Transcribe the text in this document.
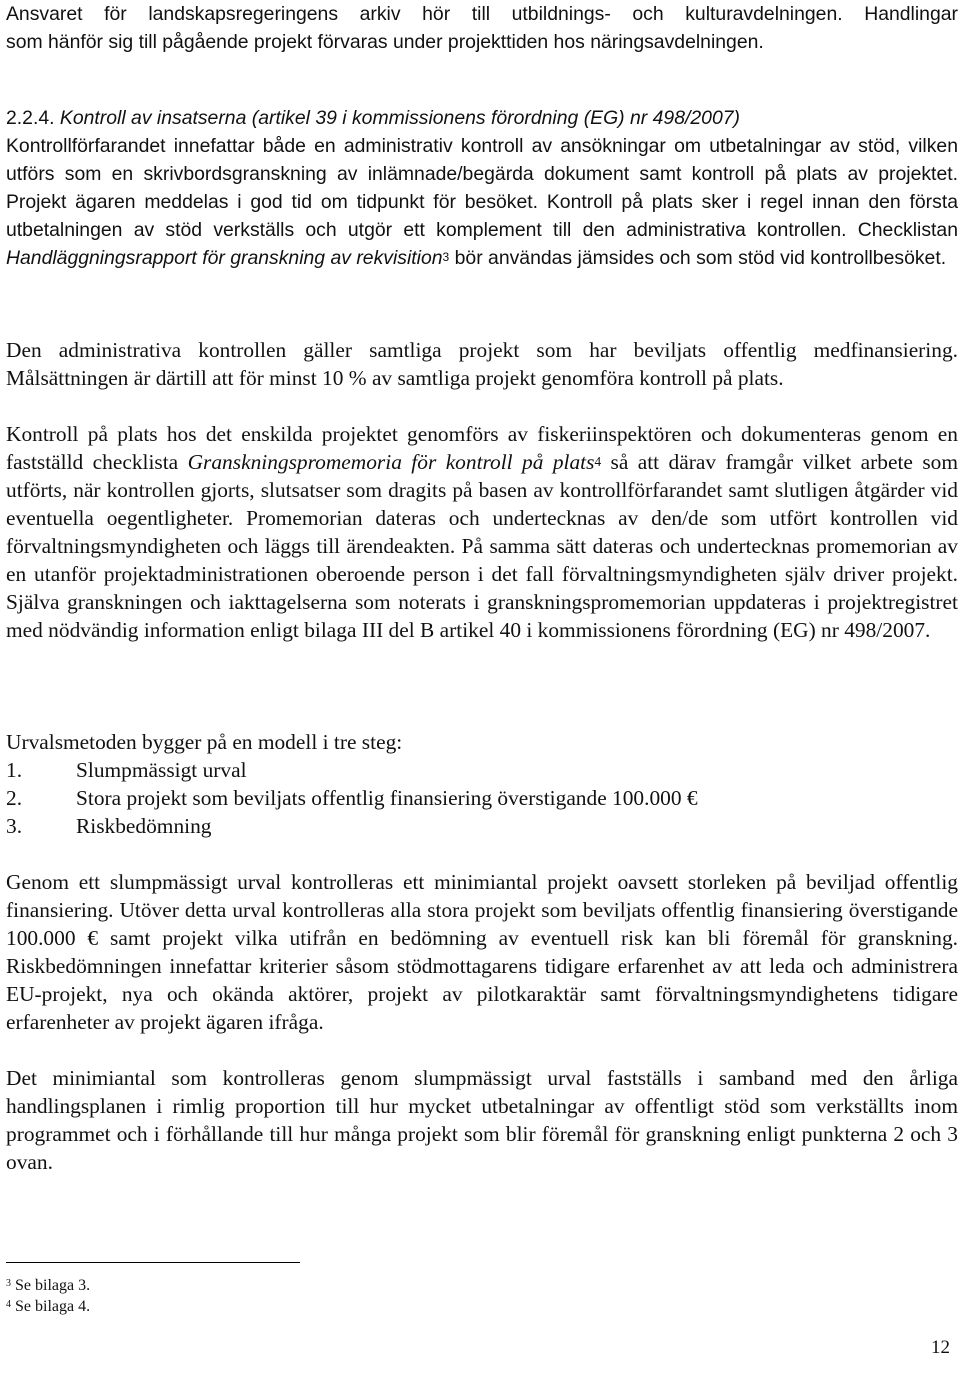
Ansvaret för landskapsregeringens arkiv hör till utbildnings- och kulturavdelningen. Handlingar

som hänför sig till pågående projekt förvaras under projekttiden hos näringsavdelningen.

2.2.4. Kontroll av insatserna (artikel 39 i kommissionens förordning (EG) nr 498/2007)

Kontrollförfarandet innefattar både en administrativ kontroll av ansökningar om utbetalningar av stöd, vilken utförs som en skrivbordsgranskning av inlämnade/begärda dokument samt kontroll på plats av projektet. Projekt ägaren meddelas i god tid om tidpunkt för besöket. Kontroll på plats sker i regel innan den första utbetalningen av stöd verkställs och utgör ett komplement till den administrativa kontrollen. Checklistan Handläggningsrapport för granskning av rekvisition$^3$ bör användas jämsides och som stöd vid kontrollbesöket.

Den administrativa kontrollen gäller samtliga projekt som har beviljats offentlig medfinansiering.

Målsättningen är därtill att för minst 10 % av samtliga projekt genomföra kontroll på plats.

Kontroll på plats hos det enskilda projektet genomförs av fiskeriinspektören och dokumenteras genom en fastställd checklista Granskningspromemoria för kontroll på plats$^4$ så att därav framgår vilket arbete som utförts, när kontrollen gjorts, slutsatser som dragits på basen av kontrollförfarandet samt slutligen åtgärder vid eventuella oegentligheter. Promemorian dateras och undertecknas av den/de som utfört kontrollen vid förvaltningsmyndigheten och läggs till ärendeakten. På samma sätt dateras och undertecknas promemorian av en utanför projektadministrationen oberoende person i det fall förvaltningsmyndigheten själv driver projekt. Själva granskningen och iakttagelserna som noterats i granskningspromemorian uppdateras i projektregistret med nödvändig information enligt bilaga III del B artikel 40 i kommissionens förordning (EG) nr 498/2007.

Urvalsmetoden bygger på en modell i tre steg:

1.	Slumpmässigt urval
2.	Stora projekt som beviljats offentlig finansiering överstigande 100.000 €
3.	Riskbedömning

Genom ett slumpmässigt urval kontrolleras ett minimiantal projekt oavsett storleken på beviljad offentlig finansiering. Utöver detta urval kontrolleras alla stora projekt som beviljats offentlig finansiering överstigande 100.000 € samt projekt vilka utifrån en bedömning av eventuell risk kan bli föremål för granskning. Riskbedömningen innefattar kriterier såsom stödmottagarens tidigare erfarenhet av att leda och administrera EU-projekt, nya och okända aktörer, projekt av pilotkaraktär samt förvaltningsmyndighetens tidigare erfarenheter av projekt ägaren ifråga.

Det minimiantal som kontrolleras genom slumpmässigt urval fastställs i samband med den årliga handlingsplanen i rimlig proportion till hur mycket utbetalningar av offentligt stöd som verkställts inom programmet och i förhållande till hur många projekt som blir föremål för granskning enligt punkterna 2 och 3 ovan.

$^3$ Se bilaga 3.
$^4$ Se bilaga 4.
12
